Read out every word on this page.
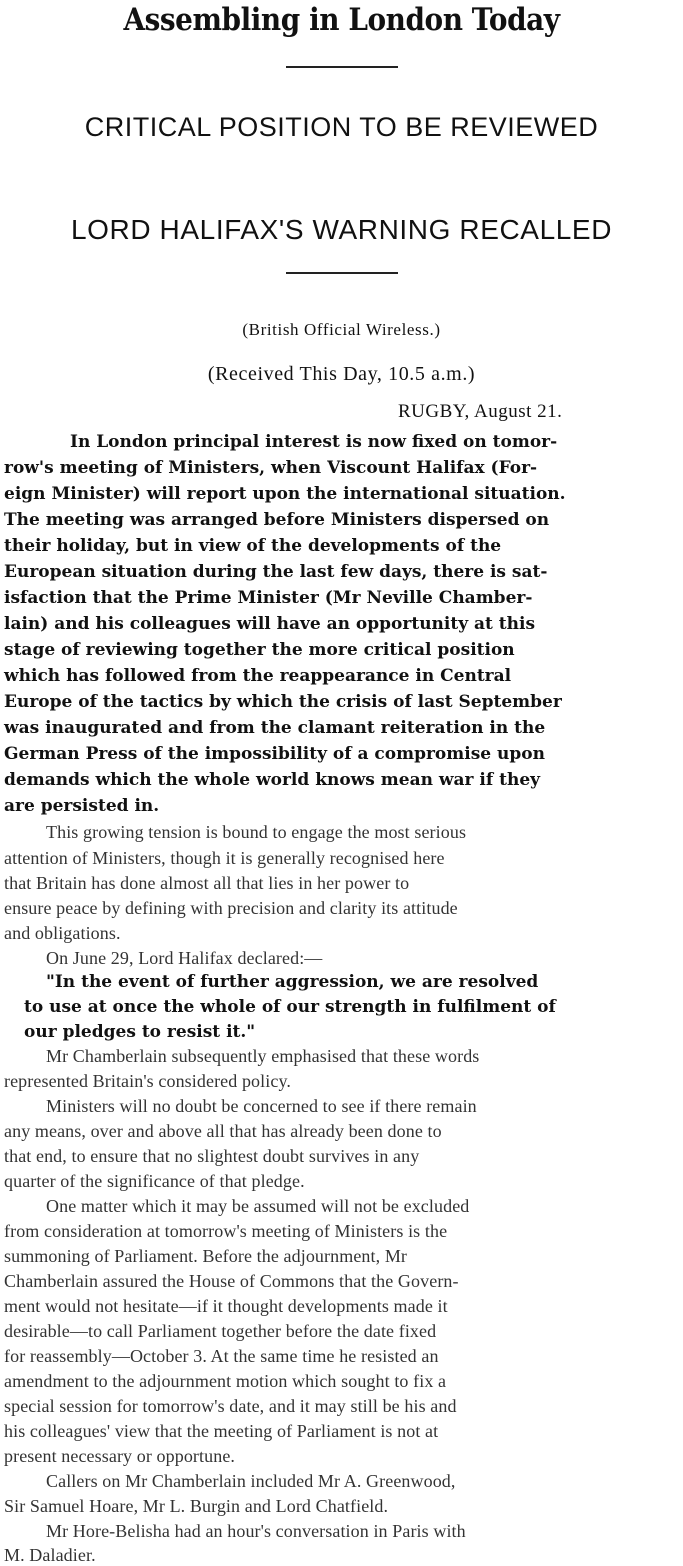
Assembling in London Today
CRITICAL POSITION TO BE REVIEWED
LORD HALIFAX'S WARNING RECALLED
(British Official Wireless.)
(Received This Day, 10.5 a.m.)
RUGBY, August 21.
In London principal interest is now fixed on tomor-
row's meeting of Ministers, when Viscount Halifax (For-
eign Minister) will report upon the international situation.
The meeting was arranged before Ministers dispersed on
their holiday, but in view of the developments of the
European situation during the last few days, there is sat-
isfaction that the Prime Minister (Mr Neville Chamber-
lain) and his colleagues will have an opportunity at this
stage of reviewing together the more critical position
which has followed from the reappearance in Central
Europe of the tactics by which the crisis of last September
was inaugurated and from the clamant reiteration in the
German Press of the impossibility of a compromise upon
demands which the whole world knows mean war if they
are persisted in.
This growing tension is bound to engage the most serious
attention of Ministers, though it is generally recognised here
that Britain has done almost all that lies in her power to
ensure peace by defining with precision and clarity its attitude
and obligations.
On June 29, Lord Halifax declared:—
"In the event of further aggression, we are resolved
to use at once the whole of our strength in fulfilment of
our pledges to resist it."
Mr Chamberlain subsequently emphasised that these words
represented Britain's considered policy.
Ministers will no doubt be concerned to see if there remain
any means, over and above all that has already been done to
that end, to ensure that no slightest doubt survives in any
quarter of the significance of that pledge.
One matter which it may be assumed will not be excluded
from consideration at tomorrow's meeting of Ministers is the
summoning of Parliament. Before the adjournment, Mr
Chamberlain assured the House of Commons that the Govern-
ment would not hesitate—if it thought developments made it
desirable—to call Parliament together before the date fixed
for reassembly—October 3. At the same time he resisted an
amendment to the adjournment motion which sought to fix a
special session for tomorrow's date, and it may still be his and
his colleagues' view that the meeting of Parliament is not at
present necessary or opportune.
Callers on Mr Chamberlain included Mr A. Greenwood,
Sir Samuel Hoare, Mr L. Burgin and Lord Chatfield.
Mr Hore-Belisha had an hour's conversation in Paris with
M. Daladier.
